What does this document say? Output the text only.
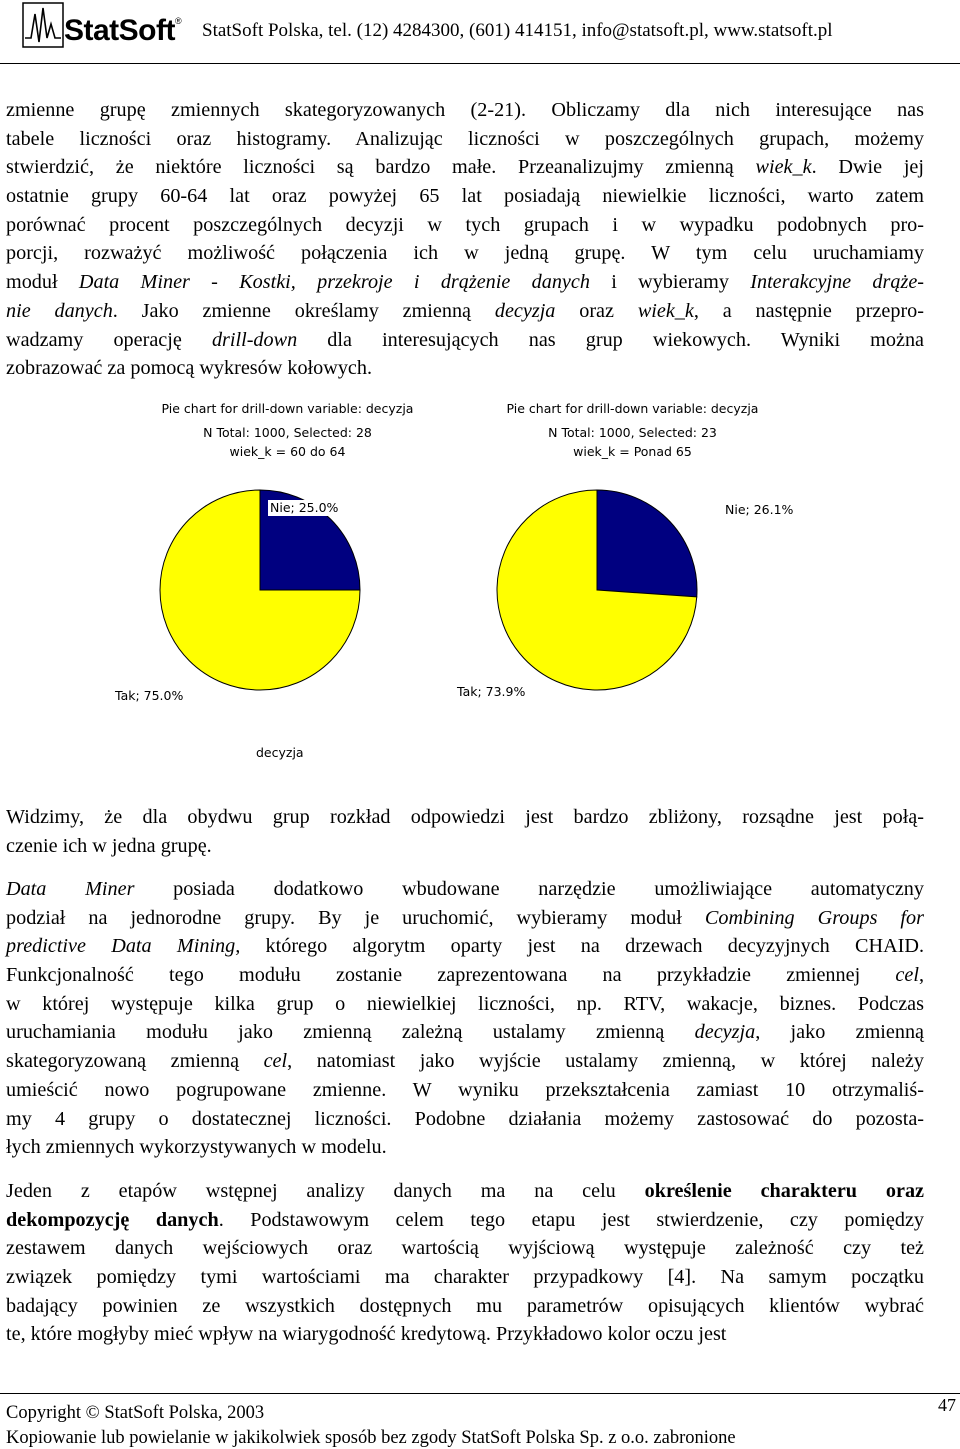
StatSoft® StatSoft Polska, tel. (12) 4284300, (601) 414151, info@statsoft.pl, www.statsoft.pl
zmienne grupę zmiennych skategoryzowanych (2-21). Obliczamy dla nich interesujące nas
tabele liczności oraz histogramy. Analizując liczności w poszczególnych grupach, możemy
stwierdzić, że niektóre liczności są bardzo małe. Przeanalizujmy zmienną wiek_k. Dwie jej
ostatnie grupy 60-64 lat oraz powyżej 65 lat posiadają niewielkie liczności, warto zatem
porównać procent poszczególnych decyzji w tych grupach i w wypadku podobnych pro-
porcji, rozważyć możliwość połączenia ich w jedną grupę. W tym celu uruchamiamy
moduł Data Miner - Kostki, przekroje i drążenie danych i wybieramy Interakcyjne drąże-
nie danych. Jako zmienne określamy zmienną decyzja oraz wiek_k, a następnie przepro-
wadzamy operację drill-down dla interesujących nas grup wiekowych. Wyniki można
zobrazować za pomocą wykresów kołowych.
Pie chart for drill-down variable: decyzja
N Total: 1000, Selected: 28
wiek_k = 60 do 64
Nie; 25.0%
Tak; 75.0%
decyzja
Pie chart for drill-down variable: decyzja
N Total: 1000, Selected: 23
wiek_k = Ponad 65
Nie; 26.1%
Tak; 73.9%
Widzimy, że dla obydwu grup rozkład odpowiedzi jest bardzo zbliżony, rozsądne jest połą-
czenie ich w jedna grupę.
Data Miner posiada dodatkowo wbudowane narzędzie umożliwiające automatyczny
podział na jednorodne grupy. By je uruchomić, wybieramy moduł Combining Groups for
predictive Data Mining, którego algorytm oparty jest na drzewach decyzyjnych CHAID.
Funkcjonalność tego modułu zostanie zaprezentowana na przykładzie zmiennej cel,
w której występuje kilka grup o niewielkiej liczności, np. RTV, wakacje, biznes. Podczas
uruchamiania modułu jako zmienną zależną ustalamy zmienną decyzja, jako zmienną
skategoryzowaną zmienną cel, natomiast jako wyjście ustalamy zmienną, w której należy
umieścić nowo pogrupowane zmienne. W wyniku przekształcenia zamiast 10 otrzymaliś-
my 4 grupy o dostatecznej liczności. Podobne działania możemy zastosować do pozosta-
łych zmiennych wykorzystywanych w modelu.
Jeden z etapów wstępnej analizy danych ma na celu określenie charakteru oraz
dekompozycję danych. Podstawowym celem tego etapu jest stwierdzenie, czy pomiędzy
zestawem danych wejściowych oraz wartością wyjściową występuje zależność czy też
związek pomiędzy tymi wartościami ma charakter przypadkowy [4]. Na samym początku
badający powinien ze wszystkich dostępnych mu parametrów opisujących klientów wybrać
te, które mogłyby mieć wpływ na wiarygodność kredytową. Przykładowo kolor oczu jest
Copyright © StatSoft Polska, 2003
Kopiowanie lub powielanie w jakikolwiek sposób bez zgody StatSoft Polska Sp. z o.o. zabronione
47
